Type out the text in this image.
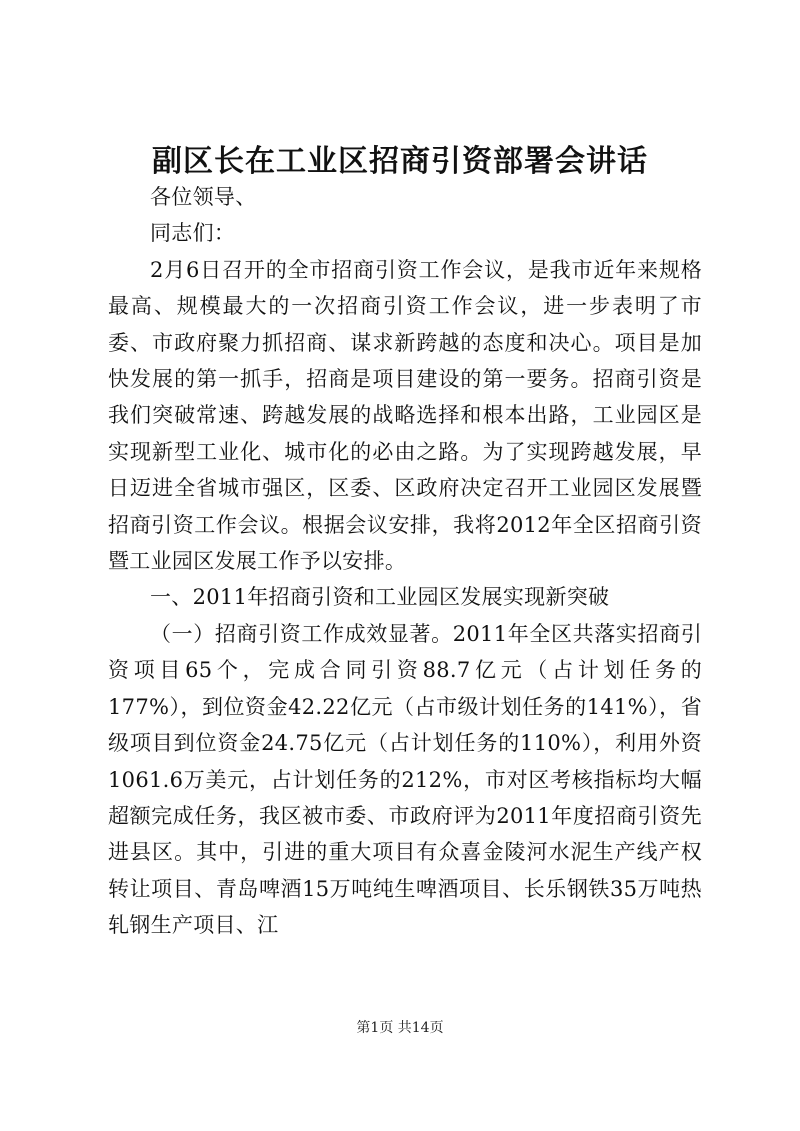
副区长在工业区招商引资部署会讲话

各位领导、

同志们：

2月6日召开的全市招商引资工作会议，是我市近年来规格最高、规模最大的一次招商引资工作会议，进一步表明了市委、市政府聚力抓招商、谋求新跨越的态度和决心。项目是加快发展的第一抓手，招商是项目建设的第一要务。招商引资是我们突破常速、跨越发展的战略选择和根本出路，工业园区是实现新型工业化、城市化的必由之路。为了实现跨越发展，早日迈进全省城市强区，区委、区政府决定召开工业园区发展暨招商引资工作会议。根据会议安排，我将2012年全区招商引资暨工业园区发展工作予以安排。

一、2011年招商引资和工业园区发展实现新突破

（一）招商引资工作成效显著。2011年全区共落实招商引资项目65个，完成合同引资88.7亿元（占计划任务的177%），到位资金42.22亿元（占市级计划任务的141%），省级项目到位资金24.75亿元（占计划任务的110%），利用外资1061.6万美元，占计划任务的212%，市对区考核指标均大幅超额完成任务，我区被市委、市政府评为2011年度招商引资先进县区。其中，引进的重大项目有众喜金陵河水泥生产线产权转让项目、青岛啤酒15万吨纯生啤酒项目、长乐钢铁35万吨热轧钢生产项目、江

第1页 共14页
